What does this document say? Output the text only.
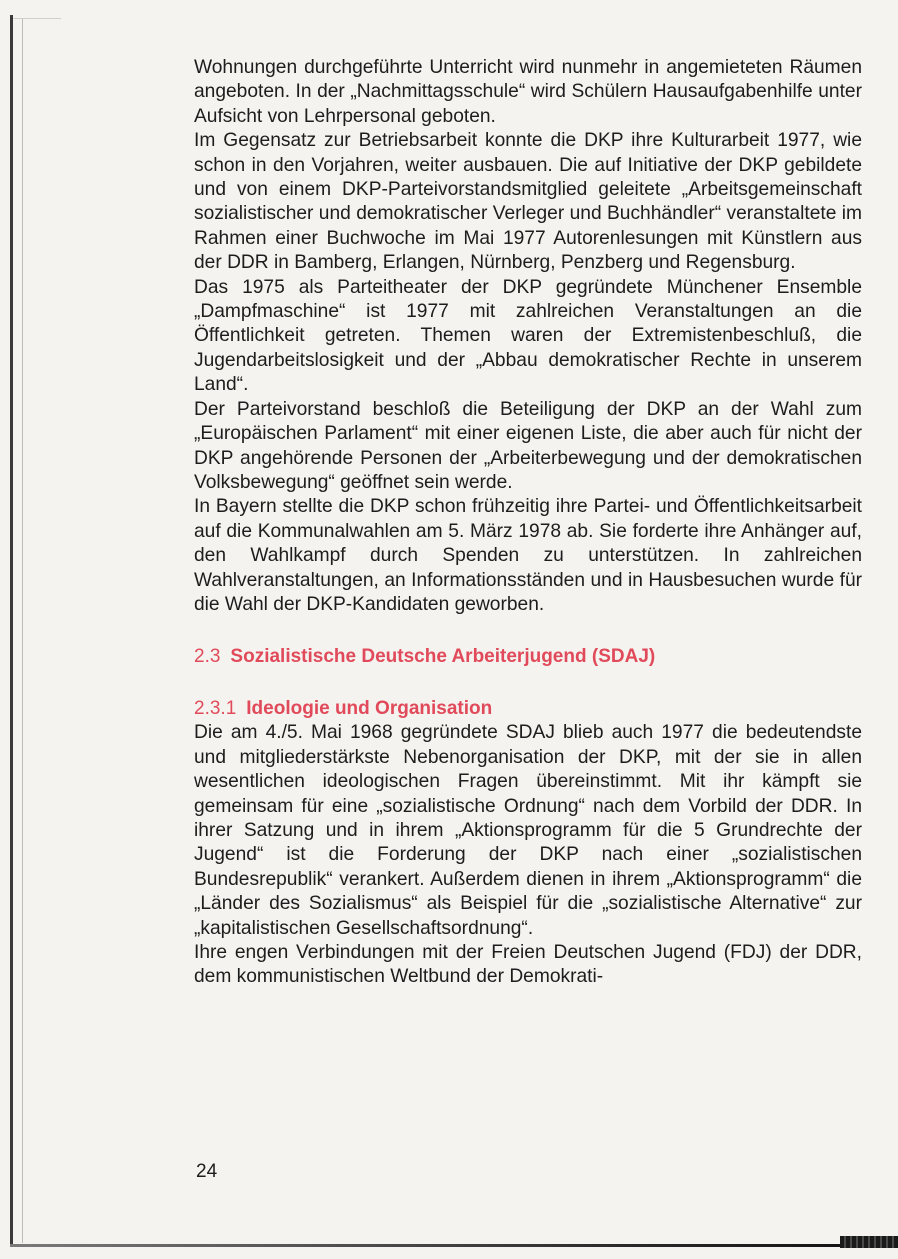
Wohnungen durchgeführte Unterricht wird nunmehr in angemieteten Räumen angeboten. In der „Nachmittagsschule“ wird Schülern Hausaufgabenhilfe unter Aufsicht von Lehrpersonal geboten.

Im Gegensatz zur Betriebsarbeit konnte die DKP ihre Kulturarbeit 1977, wie schon in den Vorjahren, weiter ausbauen. Die auf Initiative der DKP gebildete und von einem DKP-Parteivorstandsmitglied geleitete „Arbeitsgemeinschaft sozialistischer und demokratischer Verleger und Buchhändler“ veranstaltete im Rahmen einer Buchwoche im Mai 1977 Autorenlesungen mit Künstlern aus der DDR in Bamberg, Erlangen, Nürnberg, Penzberg und Regensburg.

Das 1975 als Parteitheater der DKP gegründete Münchener Ensemble „Dampfmaschine“ ist 1977 mit zahlreichen Veranstaltungen an die Öffentlichkeit getreten. Themen waren der Extremistenbeschluß, die Jugendarbeitslosigkeit und der „Abbau demokratischer Rechte in unserem Land“.

Der Parteivorstand beschloß die Beteiligung der DKP an der Wahl zum „Europäischen Parlament“ mit einer eigenen Liste, die aber auch für nicht der DKP angehörende Personen der „Arbeiterbewegung und der demokratischen Volksbewegung“ geöffnet sein werde.

In Bayern stellte die DKP schon frühzeitig ihre Partei- und Öffentlichkeitsarbeit auf die Kommunalwahlen am 5. März 1978 ab. Sie forderte ihre Anhänger auf, den Wahlkampf durch Spenden zu unterstützen. In zahlreichen Wahlveranstaltungen, an Informationsständen und in Hausbesuchen wurde für die Wahl der DKP-Kandidaten geworben.

2.3 Sozialistische Deutsche Arbeiterjugend (SDAJ)
2.3.1 Ideologie und Organisation

Die am 4./5. Mai 1968 gegründete SDAJ blieb auch 1977 die bedeutendste und mitgliederstärkste Nebenorganisation der DKP, mit der sie in allen wesentlichen ideologischen Fragen übereinstimmt. Mit ihr kämpft sie gemeinsam für eine „sozialistische Ordnung“ nach dem Vorbild der DDR. In ihrer Satzung und in ihrem „Aktionsprogramm für die 5 Grundrechte der Jugend“ ist die Forderung der DKP nach einer „sozialistischen Bundesrepublik“ verankert. Außerdem dienen in ihrem „Aktionsprogramm“ die „Länder des Sozialismus“ als Beispiel für die „sozialistische Alternative“ zur „kapitalistischen Gesellschaftsordnung“.

Ihre engen Verbindungen mit der Freien Deutschen Jugend (FDJ) der DDR, dem kommunistischen Weltbund der Demokrati-

24
